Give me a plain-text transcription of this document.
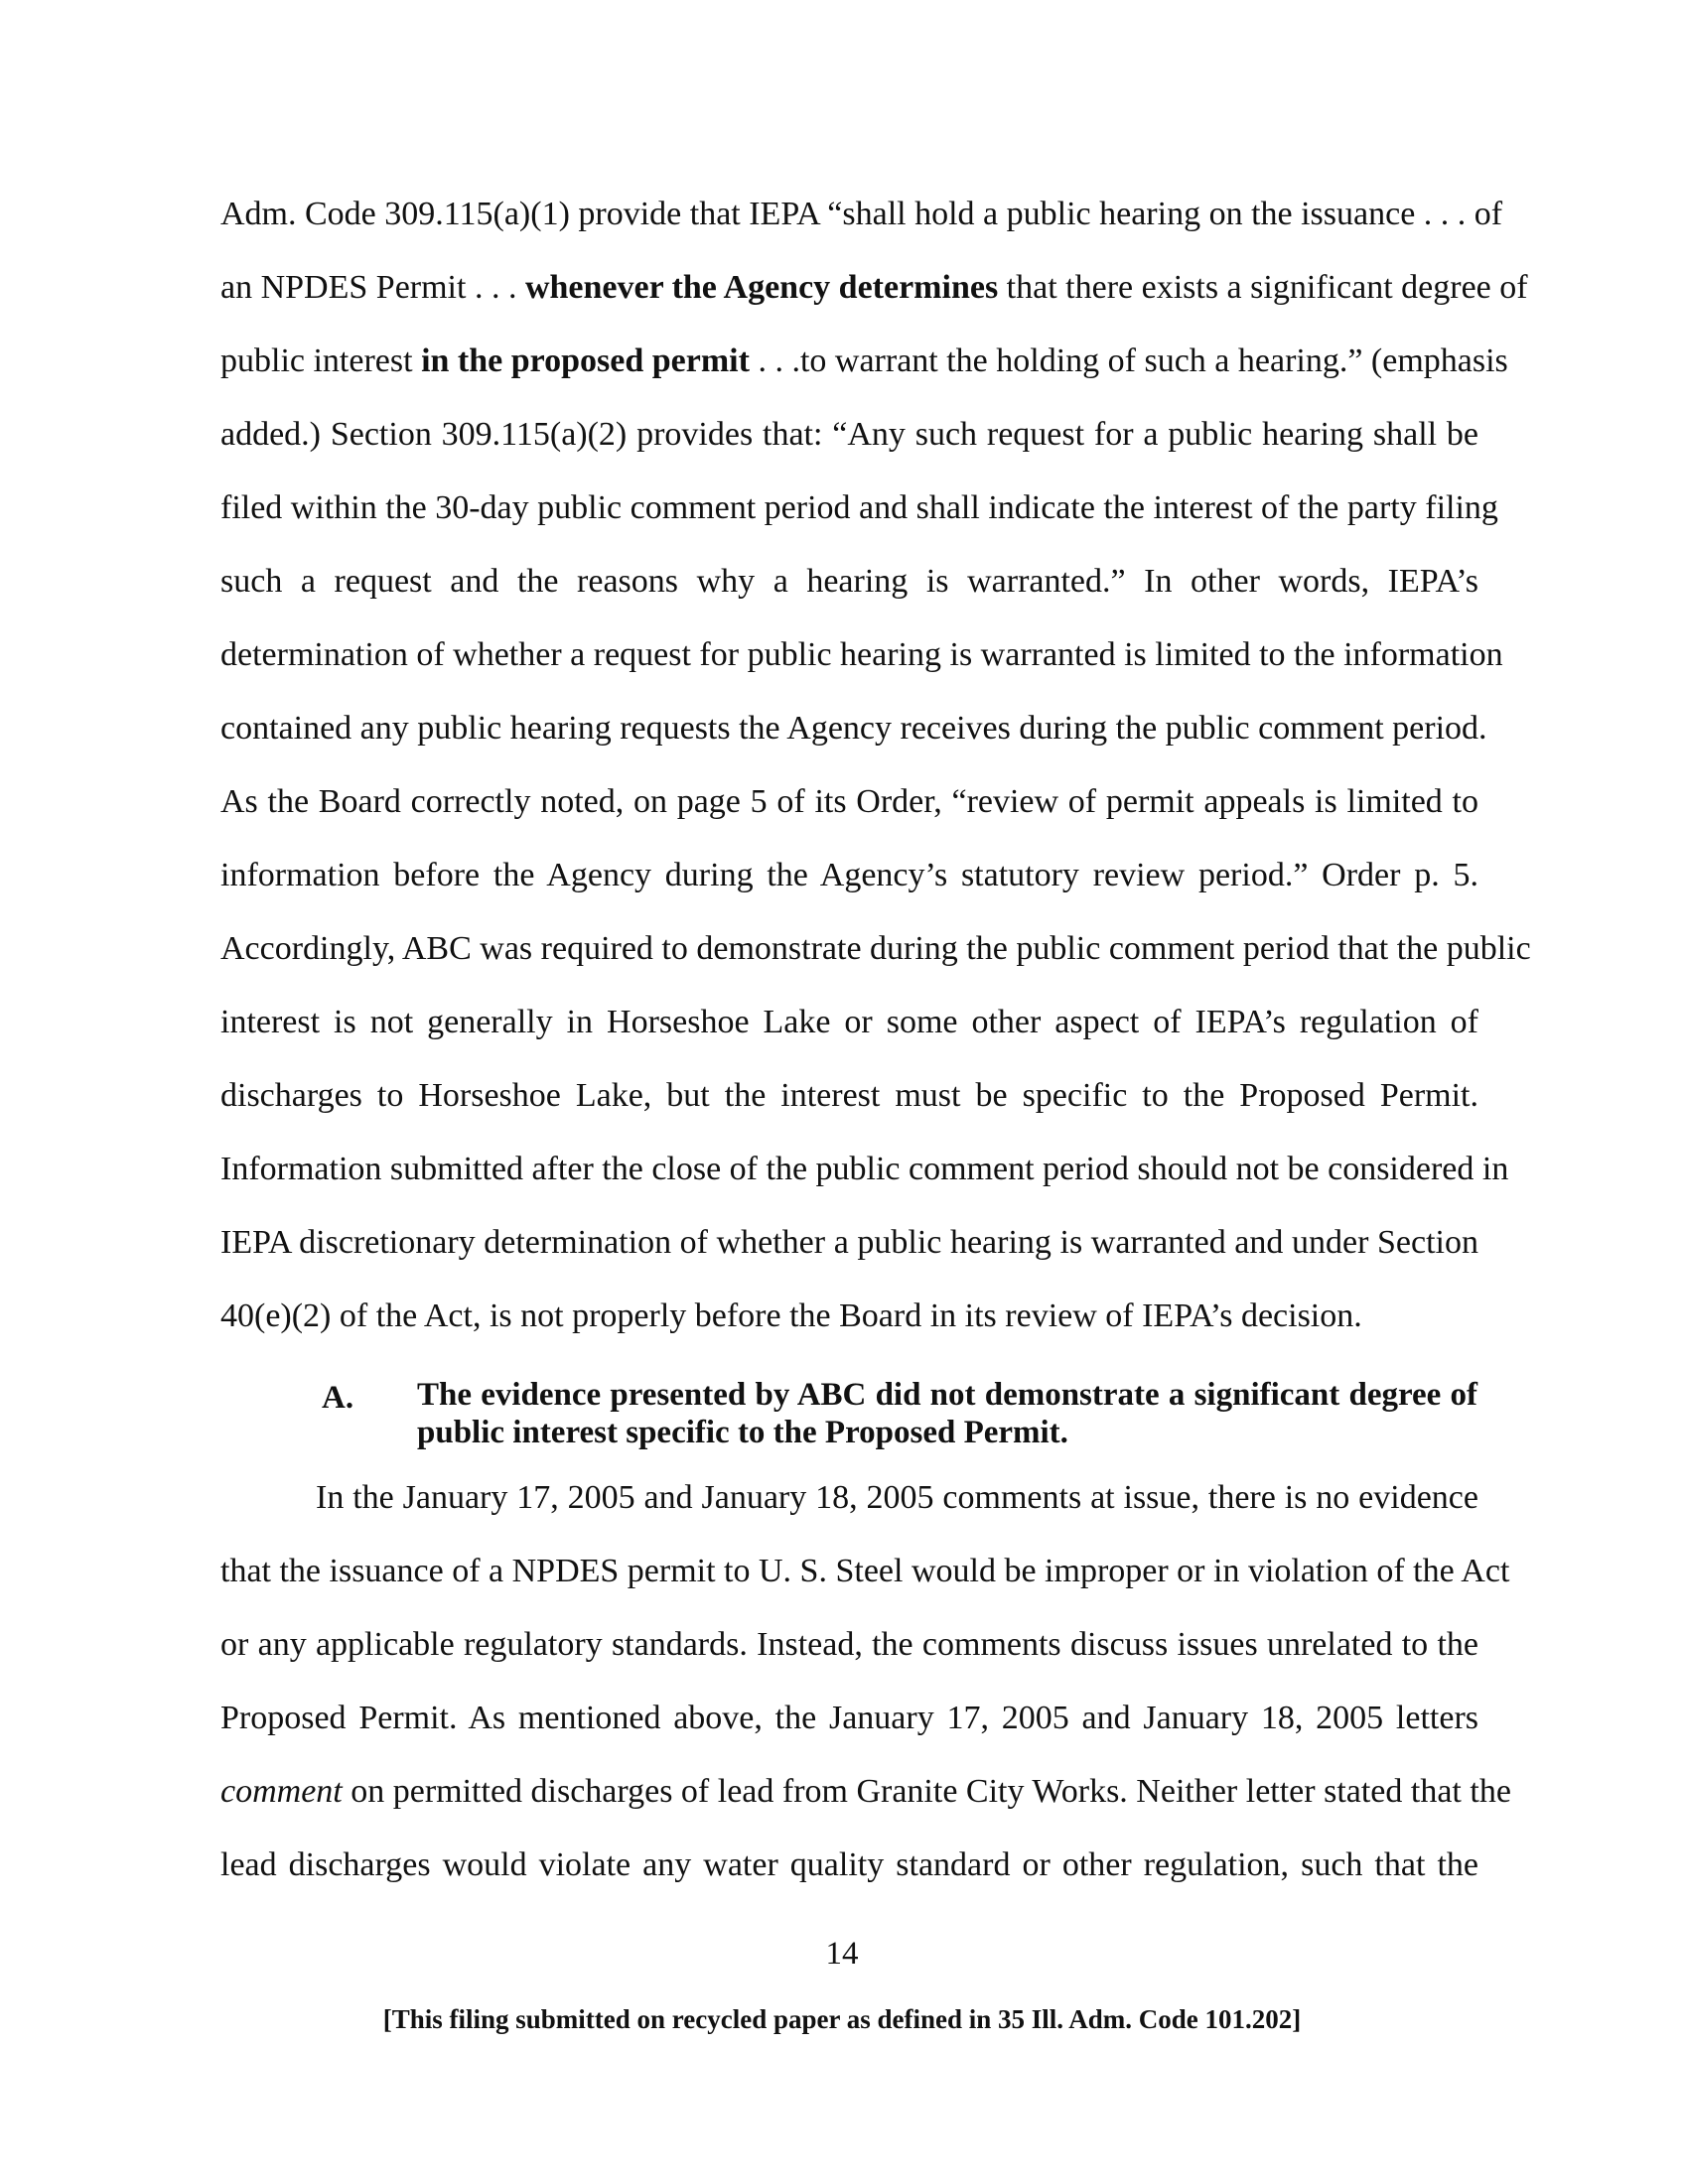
Adm. Code 309.115(a)(1) provide that IEPA “shall hold a public hearing on the issuance . . . of
an NPDES Permit . . . whenever the Agency determines that there exists a significant degree of
public interest in the proposed permit . . .to warrant the holding of such a hearing.” (emphasis
added.) Section 309.115(a)(2) provides that: “Any such request for a public hearing shall be
filed within the 30-day public comment period and shall indicate the interest of the party filing
such a request and the reasons why a hearing is warranted.” In other words, IEPA’s
determination of whether a request for public hearing is warranted is limited to the information
contained any public hearing requests the Agency receives during the public comment period.
As the Board correctly noted, on page 5 of its Order, “review of permit appeals is limited to
information before the Agency during the Agency’s statutory review period.” Order p. 5.
Accordingly, ABC was required to demonstrate during the public comment period that the public
interest is not generally in Horseshoe Lake or some other aspect of IEPA’s regulation of
discharges to Horseshoe Lake, but the interest must be specific to the Proposed Permit.
Information submitted after the close of the public comment period should not be considered in
IEPA discretionary determination of whether a public hearing is warranted and under Section
40(e)(2) of the Act, is not properly before the Board in its review of IEPA’s decision.
A. The evidence presented by ABC did not demonstrate a significant degree of
public interest specific to the Proposed Permit.
In the January 17, 2005 and January 18, 2005 comments at issue, there is no evidence
that the issuance of a NPDES permit to U. S. Steel would be improper or in violation of the Act
or any applicable regulatory standards. Instead, the comments discuss issues unrelated to the
Proposed Permit. As mentioned above, the January 17, 2005 and January 18, 2005 letters
comment on permitted discharges of lead from Granite City Works. Neither letter stated that the
lead discharges would violate any water quality standard or other regulation, such that the
14
[This filing submitted on recycled paper as defined in 35 Ill. Adm. Code 101.202]
